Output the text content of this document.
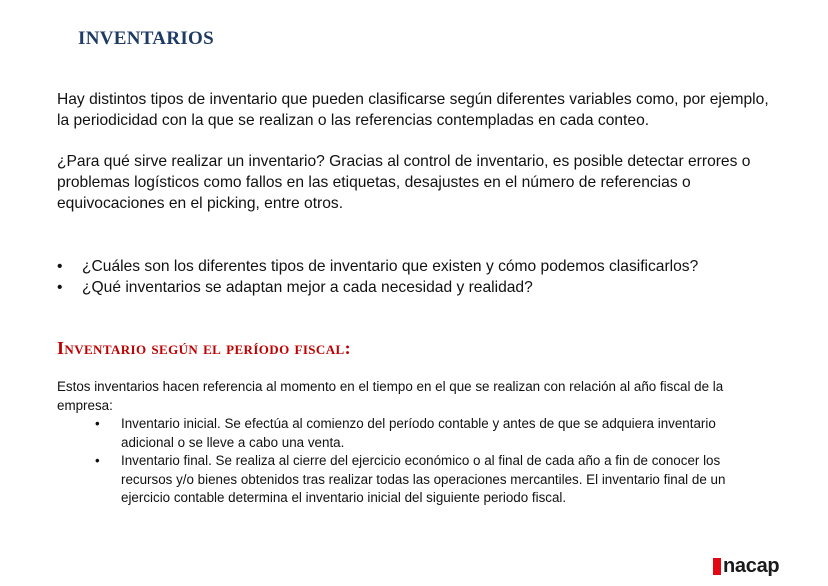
INVENTARIOS

Hay distintos tipos de inventario que pueden clasificarse según diferentes variables como, por ejemplo, la periodicidad con la que se realizan o las referencias contempladas en cada conteo.

¿Para qué sirve realizar un inventario? Gracias al control de inventario, es posible detectar errores o problemas logísticos como fallos en las etiquetas, desajustes en el número de referencias o equivocaciones en el picking, entre otros.

• ¿Cuáles son los diferentes tipos de inventario que existen y cómo podemos clasificarlos?
• ¿Qué inventarios se adaptan mejor a cada necesidad y realidad?
Inventario según el período fiscal:

Estos inventarios hacen referencia al momento en el tiempo en el que se realizan con relación al año fiscal de la empresa:

• Inventario inicial. Se efectúa al comienzo del período contable y antes de que se adquiera inventario adicional o se lleve a cabo una venta.
• Inventario final. Se realiza al cierre del ejercicio económico o al final de cada año a fin de conocer los recursos y/o bienes obtenidos tras realizar todas las operaciones mercantiles. El inventario final de un ejercicio contable determina el inventario inicial del siguiente periodo fiscal.
nacap
